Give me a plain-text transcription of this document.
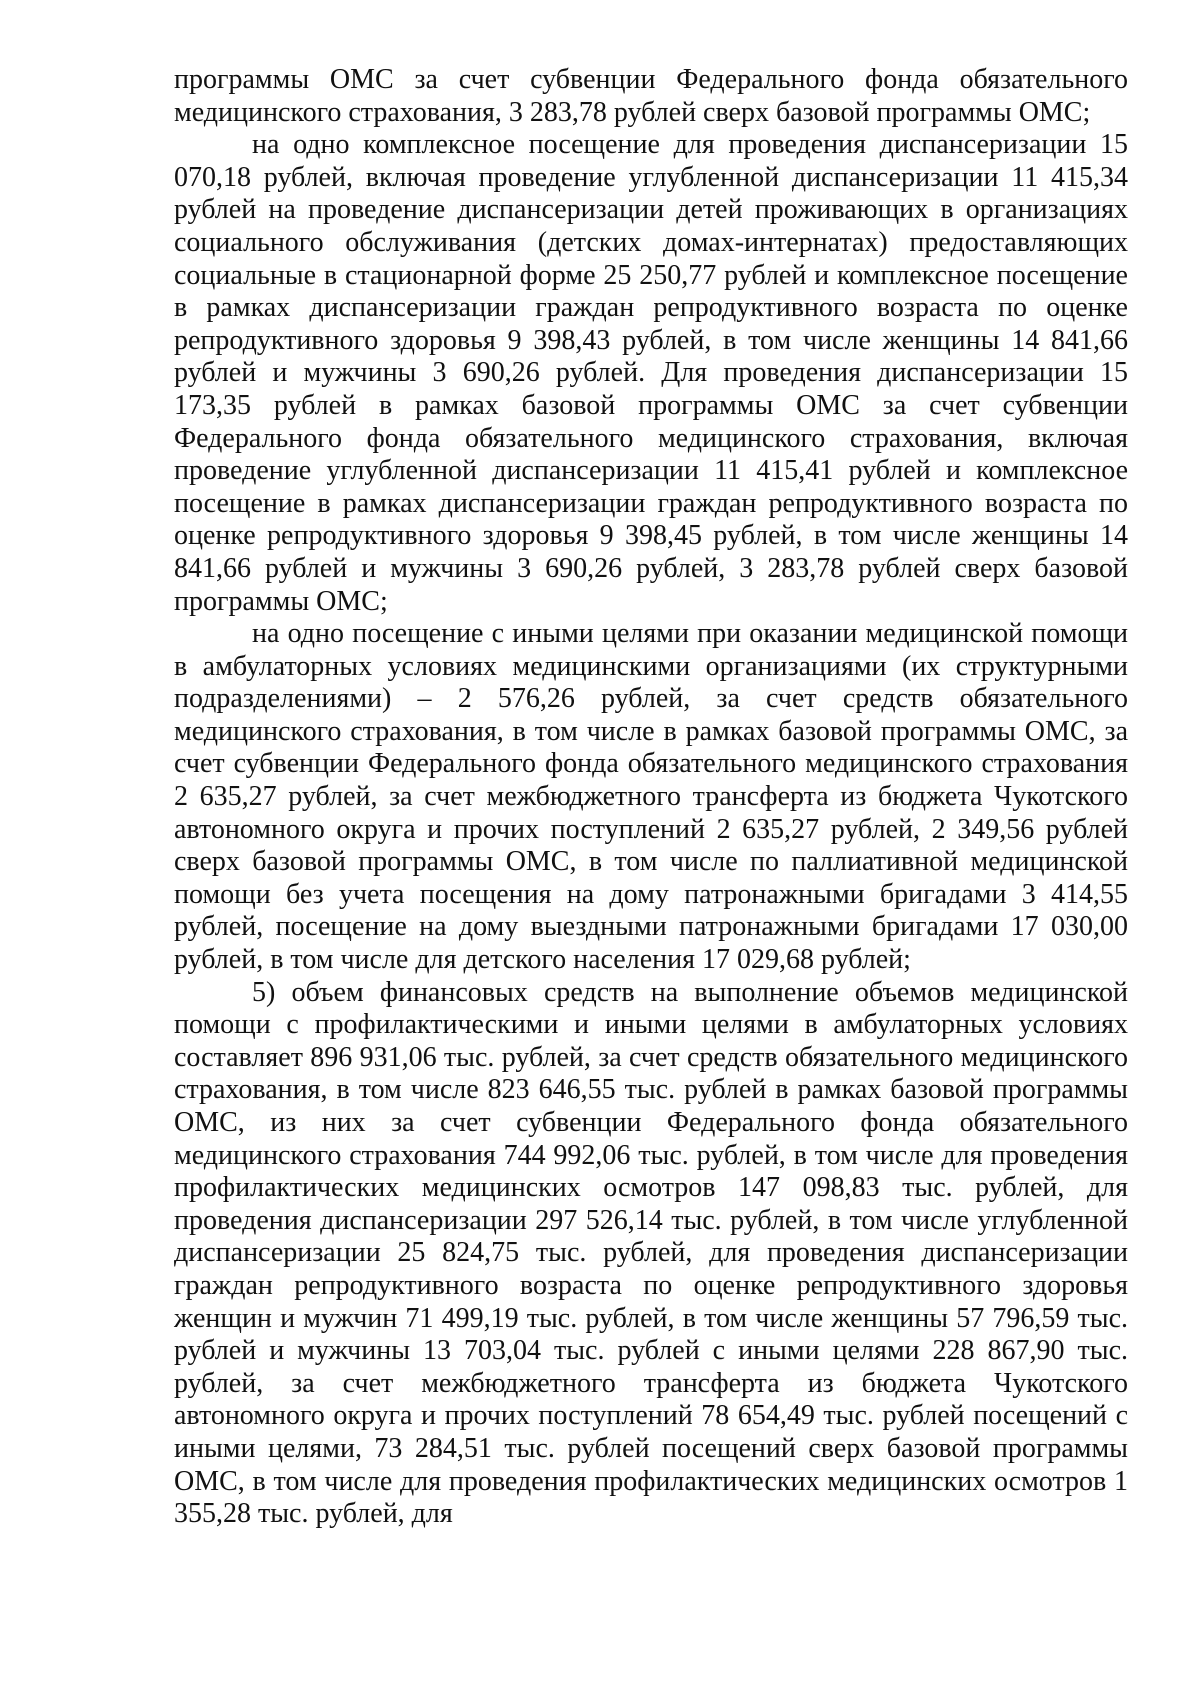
программы ОМС за счет субвенции Федерального фонда обязательного медицинского страхования, 3 283,78 рублей сверх базовой программы ОМС;

на одно комплексное посещение для проведения диспансеризации 15 070,18 рублей, включая проведение углубленной диспансеризации 11 415,34 рублей на проведение диспансеризации детей проживающих в организациях социального обслуживания (детских домах-интернатах) предоставляющих социальные в стационарной форме 25 250,77 рублей и комплексное посещение в рамках диспансеризации граждан репродуктивного возраста по оценке репродуктивного здоровья 9 398,43 рублей, в том числе женщины 14 841,66 рублей и мужчины 3 690,26 рублей. Для проведения диспансеризации 15 173,35 рублей в рамках базовой программы ОМС за счет субвенции Федерального фонда обязательного медицинского страхования, включая проведение углубленной диспансеризации 11 415,41 рублей и комплексное посещение в рамках диспансеризации граждан репродуктивного возраста по оценке репродуктивного здоровья 9 398,45 рублей, в том числе женщины 14 841,66 рублей и мужчины 3 690,26 рублей, 3 283,78 рублей сверх базовой программы ОМС;

на одно посещение с иными целями при оказании медицинской помощи в амбулаторных условиях медицинскими организациями (их структурными подразделениями) – 2 576,26 рублей, за счет средств обязательного медицинского страхования, в том числе в рамках базовой программы ОМС, за счет субвенции Федерального фонда обязательного медицинского страхования 2 635,27 рублей, за счет межбюджетного трансферта из бюджета Чукотского автономного округа и прочих поступлений 2 635,27 рублей, 2 349,56 рублей сверх базовой программы ОМС, в том числе по паллиативной медицинской помощи без учета посещения на дому патронажными бригадами 3 414,55 рублей, посещение на дому выездными патронажными бригадами 17 030,00 рублей, в том числе для детского населения 17 029,68 рублей;

5) объем финансовых средств на выполнение объемов медицинской помощи с профилактическими и иными целями в амбулаторных условиях составляет 896 931,06 тыс. рублей, за счет средств обязательного медицинского страхования, в том числе 823 646,55 тыс. рублей в рамках базовой программы ОМС, из них за счет субвенции Федерального фонда обязательного медицинского страхования 744 992,06 тыс. рублей, в том числе для проведения профилактических медицинских осмотров 147 098,83 тыс. рублей, для проведения диспансеризации 297 526,14 тыс. рублей, в том числе углубленной диспансеризации 25 824,75 тыс. рублей, для проведения диспансеризации граждан репродуктивного возраста по оценке репродуктивного здоровья женщин и мужчин 71 499,19 тыс. рублей, в том числе женщины 57 796,59 тыс. рублей и мужчины 13 703,04 тыс. рублей с иными целями 228 867,90 тыс. рублей, за счет межбюджетного трансферта из бюджета Чукотского автономного округа и прочих поступлений 78 654,49 тыс. рублей посещений с иными целями, 73 284,51 тыс. рублей посещений сверх базовой программы ОМС, в том числе для проведения профилактических медицинских осмотров 1 355,28 тыс. рублей, для
